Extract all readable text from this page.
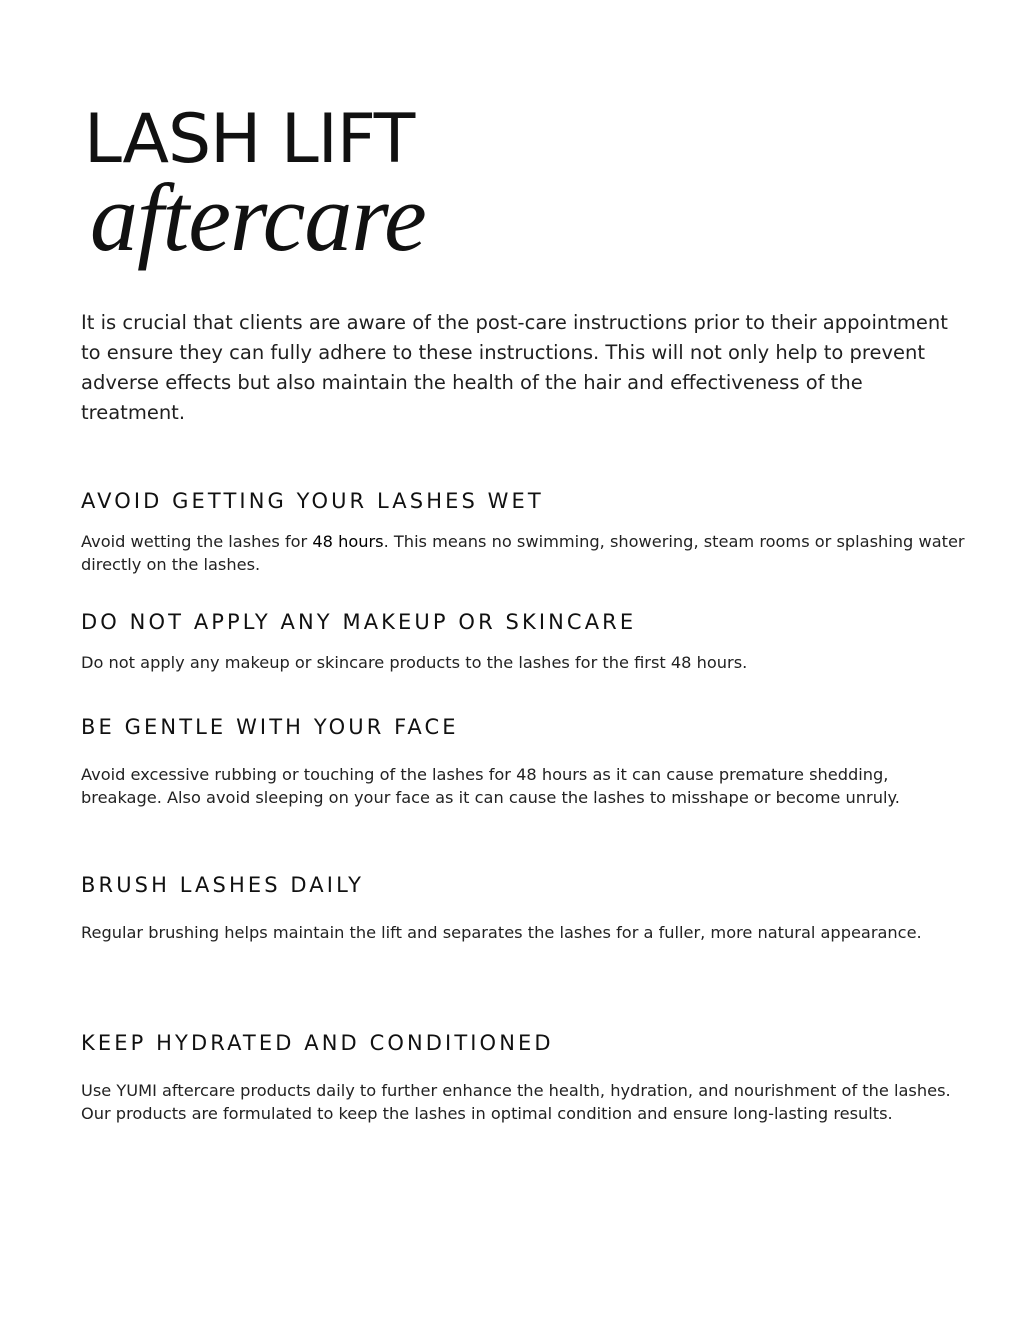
LASH LIFT
aftercare

It is crucial that clients are aware of the post-care instructions prior to their appointment to ensure they can fully adhere to these instructions. This will not only help to prevent adverse effects but also maintain the health of the hair and effectiveness of the treatment.

AVOID GETTING YOUR LASHES WET

Avoid wetting the lashes for 48 hours. This means no swimming, showering, steam rooms or splashing water directly on the lashes.

DO NOT APPLY ANY MAKEUP OR SKINCARE

Do not apply any makeup or skincare products to the lashes for the first 48 hours.

BE GENTLE WITH YOUR FACE

Avoid excessive rubbing or touching of the lashes for 48 hours as it can cause premature shedding, breakage. Also avoid sleeping on your face as it can cause the lashes to misshape or become unruly.

BRUSH LASHES DAILY

Regular brushing helps maintain the lift and separates the lashes for a fuller, more natural appearance.

KEEP HYDRATED AND CONDITIONED

Use YUMI aftercare products daily to further enhance the health, hydration, and nourishment of the lashes. Our products are formulated to keep the lashes in optimal condition and ensure long-lasting results.
